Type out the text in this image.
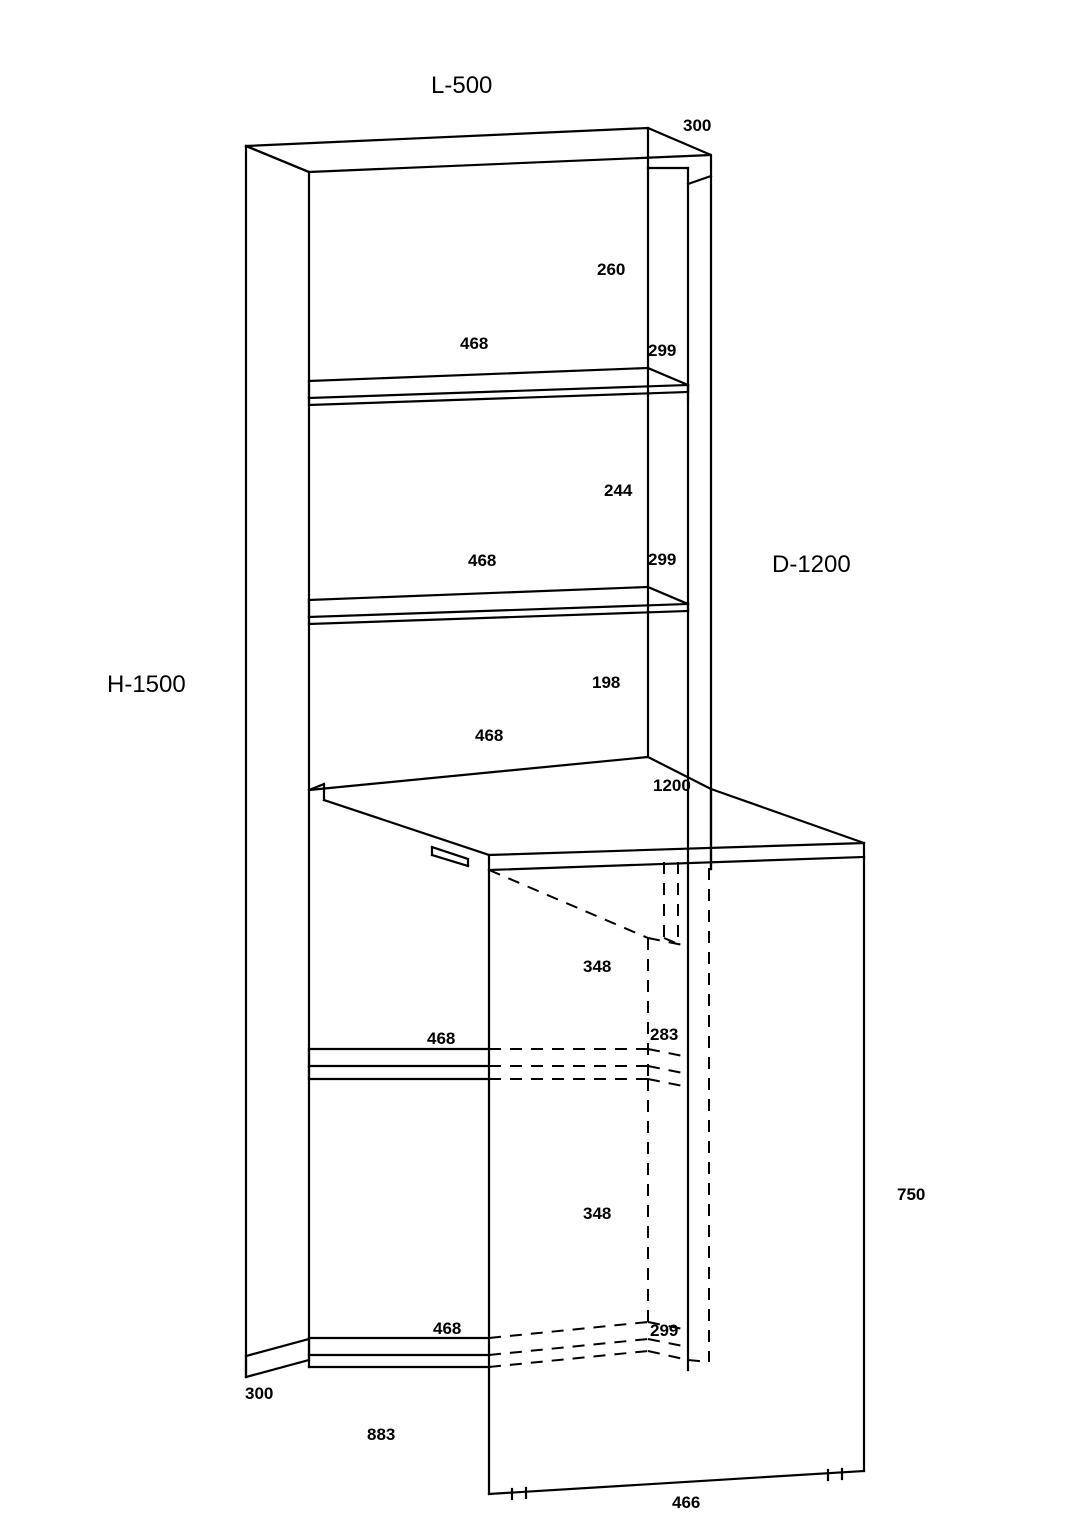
L-500
D-1200
H-1500
300
260
468	299
244
468	299
198
468
1200
348
468	283
750
348
468	299
300
883
466
